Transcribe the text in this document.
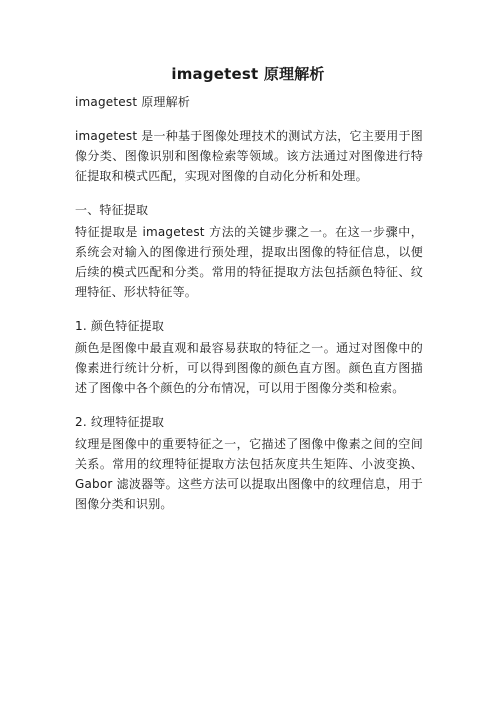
imagetest 原理解析

imagetest 原理解析

imagetest 是一种基于图像处理技术的测试方法，它主要用于图像分类、图像识别和图像检索等领域。该方法通过对图像进行特征提取和模式匹配，实现对图像的自动化分析和处理。

一、特征提取

特征提取是 imagetest 方法的关键步骤之一。在这一步骤中，系统会对输入的图像进行预处理，提取出图像的特征信息，以便后续的模式匹配和分类。常用的特征提取方法包括颜色特征、纹理特征、形状特征等。

1. 颜色特征提取

颜色是图像中最直观和最容易获取的特征之一。通过对图像中的像素进行统计分析，可以得到图像的颜色直方图。颜色直方图描述了图像中各个颜色的分布情况，可以用于图像分类和检索。

2. 纹理特征提取

纹理是图像中的重要特征之一，它描述了图像中像素之间的空间关系。常用的纹理特征提取方法包括灰度共生矩阵、小波变换、Gabor 滤波器等。这些方法可以提取出图像中的纹理信息，用于图像分类和识别。
